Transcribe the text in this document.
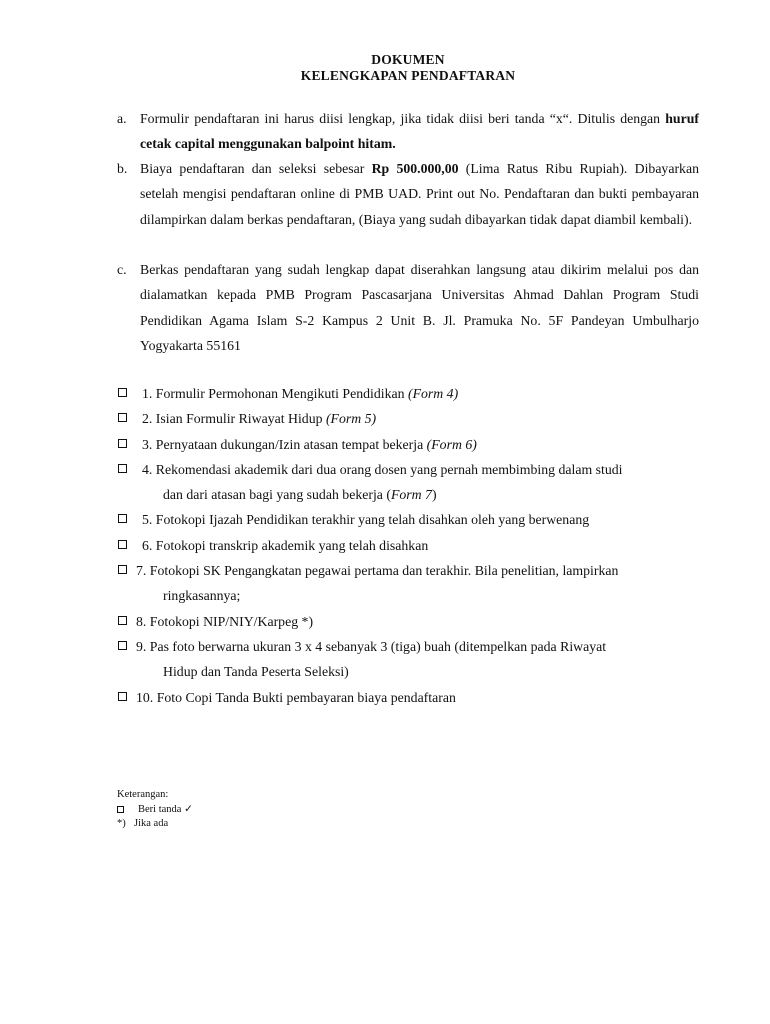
DOKUMEN
KELENGKAPAN PENDAFTARAN
a. Formulir pendaftaran ini harus diisi lengkap, jika tidak diisi beri tanda “x“. Ditulis dengan huruf cetak capital menggunakan balpoint hitam.
b. Biaya pendaftaran dan seleksi sebesar Rp 500.000,00 (Lima Ratus Ribu Rupiah). Dibayarkan setelah mengisi pendaftaran online di PMB UAD. Print out No. Pendaftaran dan bukti pembayaran dilampirkan dalam berkas pendaftaran, (Biaya yang sudah dibayarkan tidak dapat diambil kembali).
c. Berkas pendaftaran yang sudah lengkap dapat diserahkan langsung atau dikirim melalui pos dan dialamatkan kepada PMB Program Pascasarjana Universitas Ahmad Dahlan Program Studi Pendidikan Agama Islam S-2 Kampus 2 Unit B. Jl. Pramuka No. 5F Pandeyan Umbulharjo Yogyakarta 55161
1. Formulir Permohonan Mengikuti Pendidikan (Form 4)
2. Isian Formulir Riwayat Hidup (Form 5)
3. Pernyataan dukungan/Izin atasan tempat bekerja (Form 6)
4. Rekomendasi akademik dari dua orang dosen yang pernah membimbing dalam studi
dan dari atasan bagi yang sudah bekerja (Form 7)
5. Fotokopi Ijazah Pendidikan terakhir yang telah disahkan oleh yang berwenang
6. Fotokopi transkrip akademik yang telah disahkan
7. Fotokopi SK Pengangkatan pegawai pertama dan terakhir. Bila penelitian, lampirkan
ringkasannya;
8. Fotokopi NIP/NIY/Karpeg *)
9. Pas foto berwarna ukuran 3 x 4 sebanyak 3 (tiga) buah (ditempelkan pada Riwayat
Hidup dan Tanda Peserta Seleksi)
10. Foto Copi Tanda Bukti pembayaran biaya pendaftaran
Keterangan:
Beri tanda ✓
*) Jika ada
